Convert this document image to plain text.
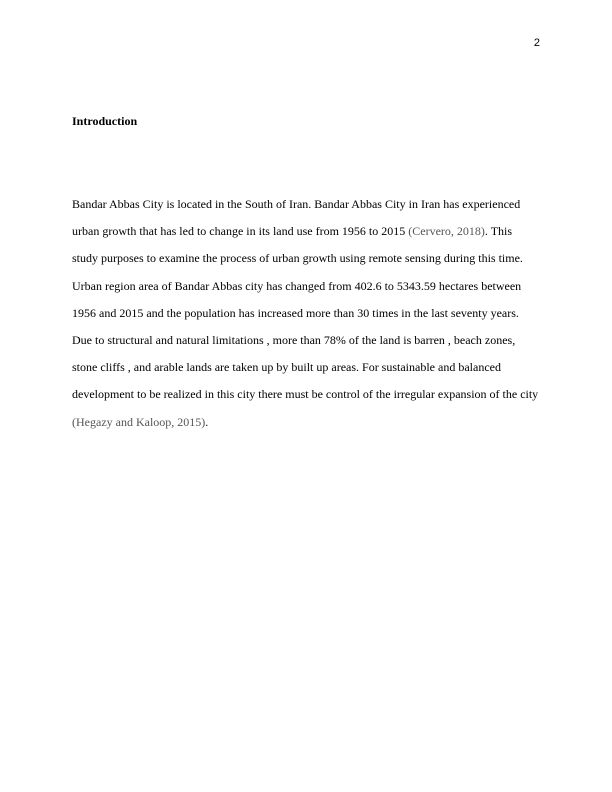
2
Introduction

Bandar Abbas City is located in the South of Iran. Bandar Abbas City in Iran has experienced
urban growth that has led to change in its land use from 1956 to 2015 (Cervero, 2018). This
study purposes to examine the process of urban growth using remote sensing during this time.
Urban region area of Bandar Abbas city has changed from 402.6 to 5343.59 hectares between
1956 and 2015 and the population has increased more than 30 times in the last seventy years.
Due to structural and natural limitations , more than 78% of the land is barren , beach zones,
stone cliffs , and arable lands are taken up by built up areas. For sustainable and balanced
development to be realized in this city there must be control of the irregular expansion of the city
(Hegazy and Kaloop, 2015).
